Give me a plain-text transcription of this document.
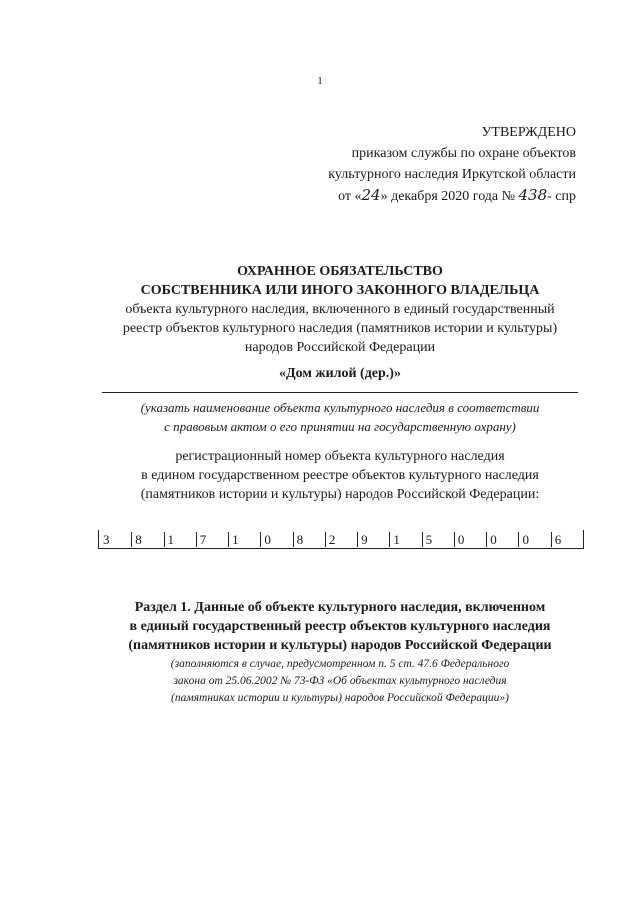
1
УТВЕРЖДЕНО
приказом службы по охране объектов
культурного наследия Иркутской области
от «24» декабря 2020 года № 438- спр
ОХРАННОЕ ОБЯЗАТЕЛЬСТВО
СОБСТВЕННИКА ИЛИ ИНОГО ЗАКОННОГО ВЛАДЕЛЬЦА
объекта культурного наследия, включенного в единый государственный
реестр объектов культурного наследия (памятников истории и культуры)
народов Российской Федерации
«Дом жилой (дер.)»
(указать наименование объекта культурного наследия в соответствии
с правовым актом о его принятии на государственную охрану)
регистрационный номер объекта культурного наследия
в едином государственном реестре объектов культурного наследия
(памятников истории и культуры) народов Российской Федерации:
3	8	1	7	1	0	8	2	9	1	5	0	0	0	6
Раздел 1. Данные об объекте культурного наследия, включенном
в единый государственный реестр объектов культурного наследия
(памятников истории и культуры) народов Российской Федерации
(заполняются в случае, предусмотренном п. 5 ст. 47.6 Федерального
закона от 25.06.2002 № 73-ФЗ «Об объектах культурного наследия
(памятниках истории и культуры) народов Российской Федерации»)
